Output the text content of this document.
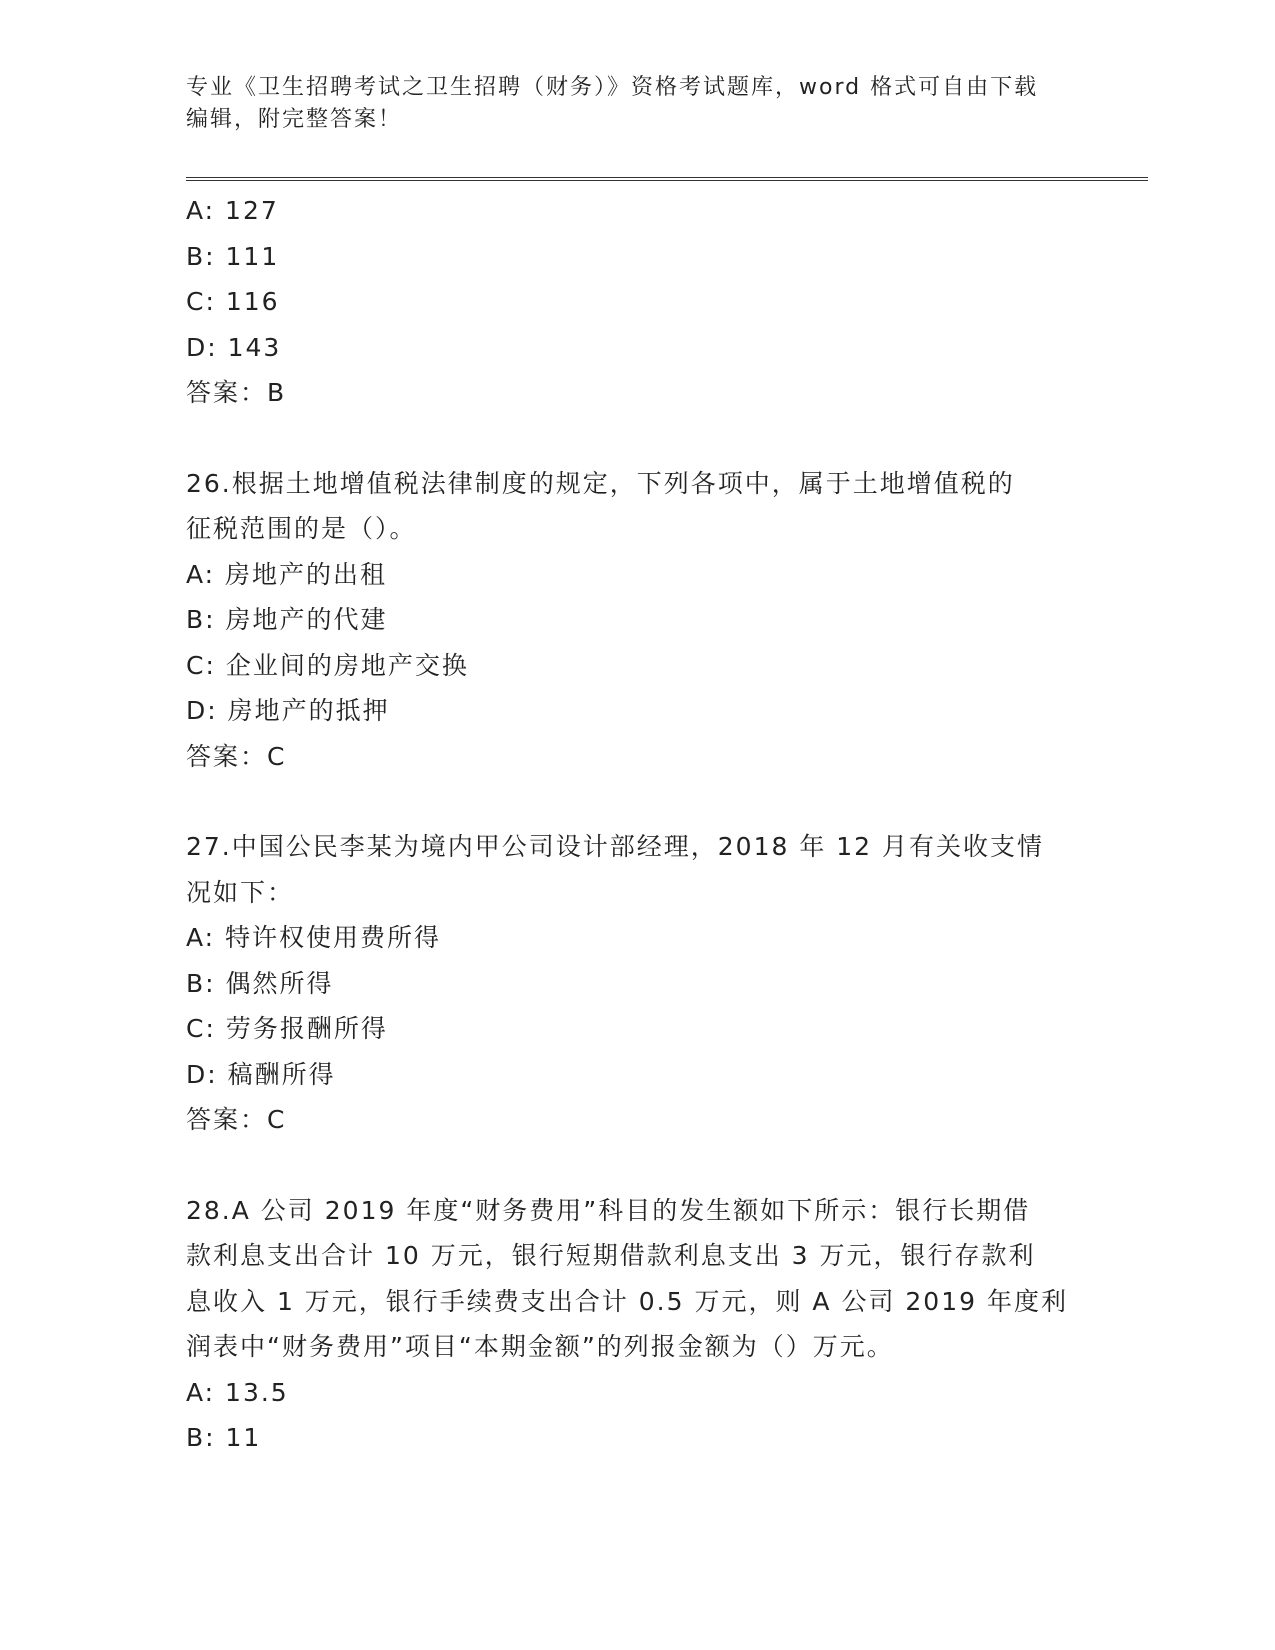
专业《卫生招聘考试之卫生招聘（财务）》资格考试题库，word 格式可自由下载
编辑，附完整答案！
A: 127
B: 111
C: 116
D: 143
答案：B
26.根据土地增值税法律制度的规定，下列各项中，属于土地增值税的
征税范围的是（）。
A: 房地产的出租
B: 房地产的代建
C: 企业间的房地产交换
D: 房地产的抵押
答案：C
27.中国公民李某为境内甲公司设计部经理，2018 年 12 月有关收支情
况如下：
A: 特许权使用费所得
B: 偶然所得
C: 劳务报酬所得
D: 稿酬所得
答案：C
28.A 公司 2019 年度“财务费用”科目的发生额如下所示：银行长期借
款利息支出合计 10 万元，银行短期借款利息支出 3 万元，银行存款利
息收入 1 万元，银行手续费支出合计 0.5 万元，则 A 公司 2019 年度利
润表中“财务费用”项目“本期金额”的列报金额为（）万元。
A: 13.5
B: 11
